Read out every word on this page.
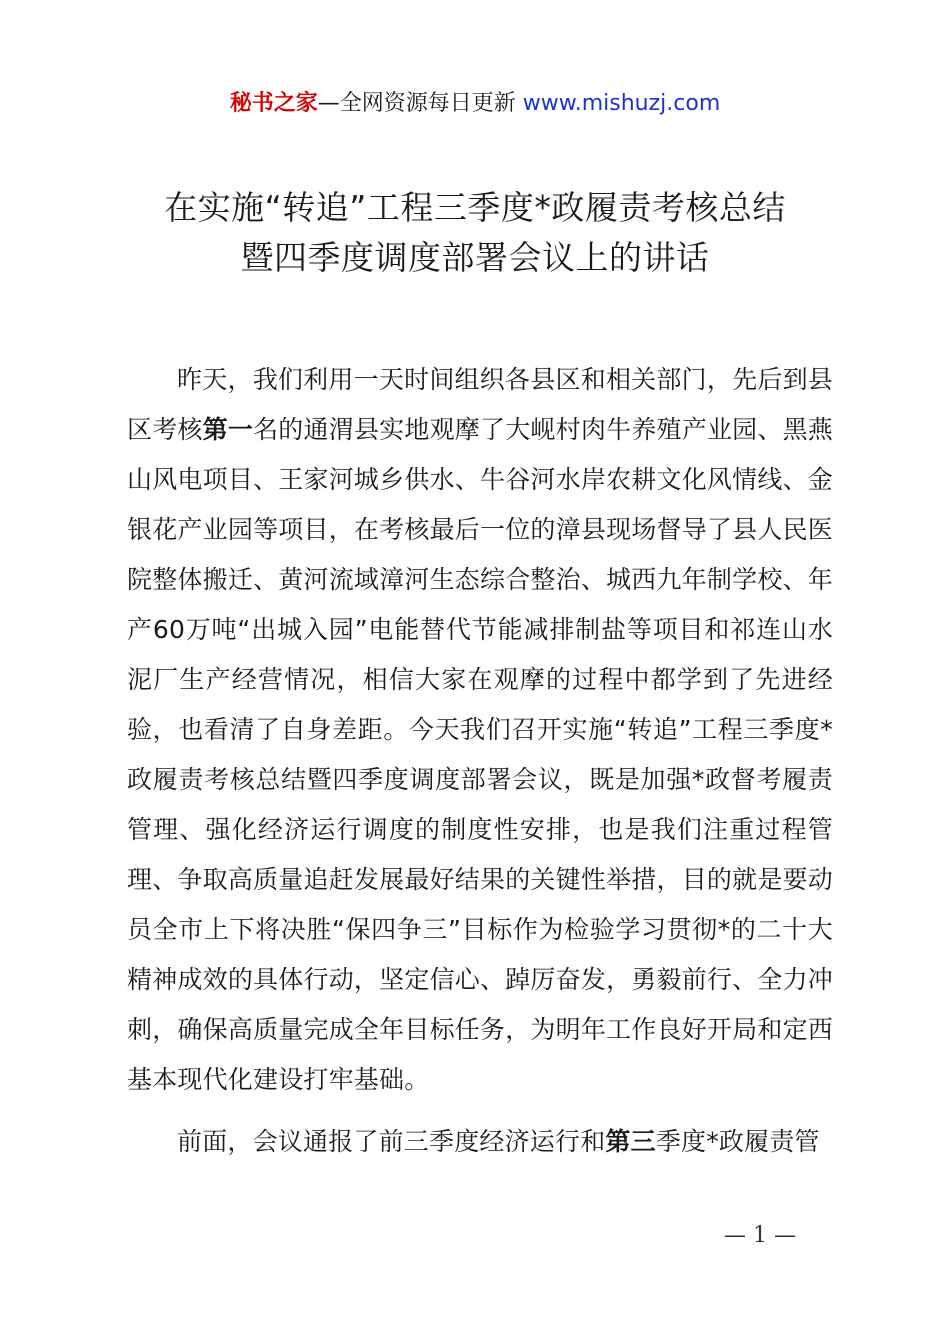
秘书之家—全网资源每日更新 www.mishuzj.com
在实施“转追”工程三季度*政履责考核总结
暨四季度调度部署会议上的讲话

昨天，我们利用一天时间组织各县区和相关部门，先后到县区考核第一名的通渭县实地观摩了大岘村肉牛养殖产业园、黑燕山风电项目、王家河城乡供水、牛谷河水岸农耕文化风情线、金银花产业园等项目，在考核最后一位的漳县现场督导了县人民医院整体搬迁、黄河流域漳河生态综合整治、城西九年制学校、年产60万吨“出城入园”电能替代节能减排制盐等项目和祁连山水泥厂生产经营情况，相信大家在观摩的过程中都学到了先进经验，也看清了自身差距。今天我们召开实施“转追”工程三季度*政履责考核总结暨四季度调度部署会议，既是加强*政督考履责管理、强化经济运行调度的制度性安排，也是我们注重过程管理、争取高质量追赶发展最好结果的关键性举措，目的就是要动员全市上下将决胜“保四争三”目标作为检验学习贯彻*的二十大精神成效的具体行动，坚定信心、踔厉奋发，勇毅前行、全力冲刺，确保高质量完成全年目标任务，为明年工作良好开局和定西基本现代化建设打牢基础。

前面，会议通报了前三季度经济运行和第三季度*政履责管

— 1 —
